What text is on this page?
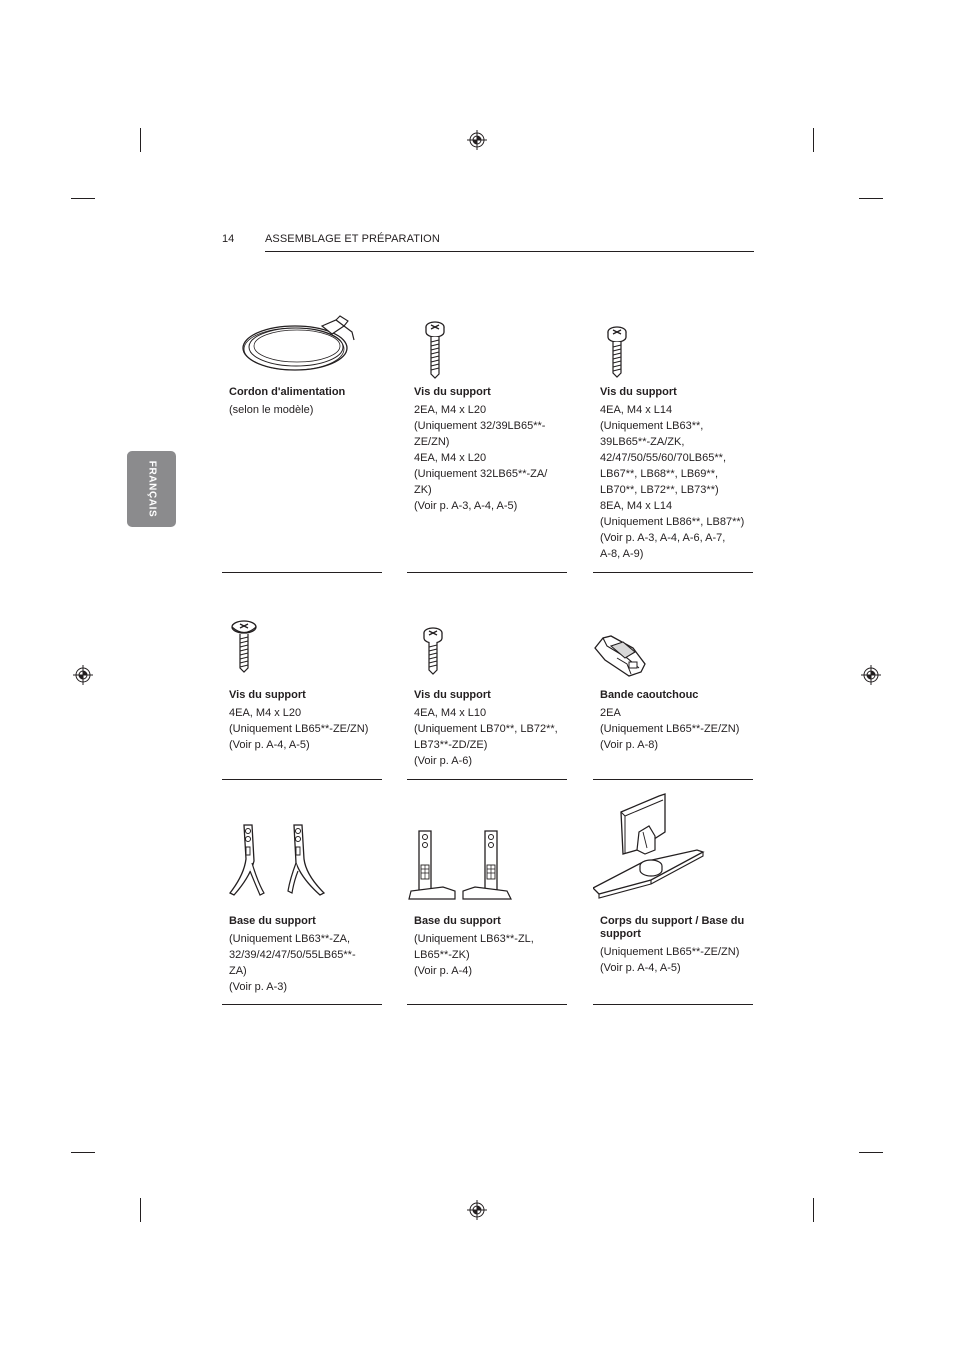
14	ASSEMBLAGE ET PRÉPARATION
FRANÇAIS
Cordon d'alimentation
(selon le modèle)
Vis du support
2EA, M4 x L20
(Uniquement 32/39LB65**-
ZE/ZN)
4EA, M4 x L20
(Uniquement 32LB65**-ZA/
ZK)
(Voir p. A-3, A-4, A-5)
Vis du support
4EA, M4 x L14
(Uniquement LB63**,
39LB65**-ZA/ZK,
42/47/50/55/60/70LB65**,
LB67**, LB68**, LB69**,
LB70**, LB72**, LB73**)
8EA, M4 x L14
(Uniquement LB86**, LB87**)
(Voir p. A-3, A-4, A-6, A-7,
A-8, A-9)
Vis du support
4EA, M4 x L20
(Uniquement LB65**-ZE/ZN)
(Voir p. A-4, A-5)
Vis du support
4EA, M4 x L10
(Uniquement LB70**, LB72**,
LB73**-ZD/ZE)
(Voir p. A-6)
Bande caoutchouc
2EA
(Uniquement LB65**-ZE/ZN)
(Voir p. A-8)
Base du support
(Uniquement LB63**-ZA,
32/39/42/47/50/55LB65**-
ZA)
(Voir p. A-3)
Base du support
(Uniquement LB63**-ZL,
LB65**-ZK)
(Voir p. A-4)
Corps du support / Base du support
(Uniquement LB65**-ZE/ZN)
(Voir p. A-4, A-5)
